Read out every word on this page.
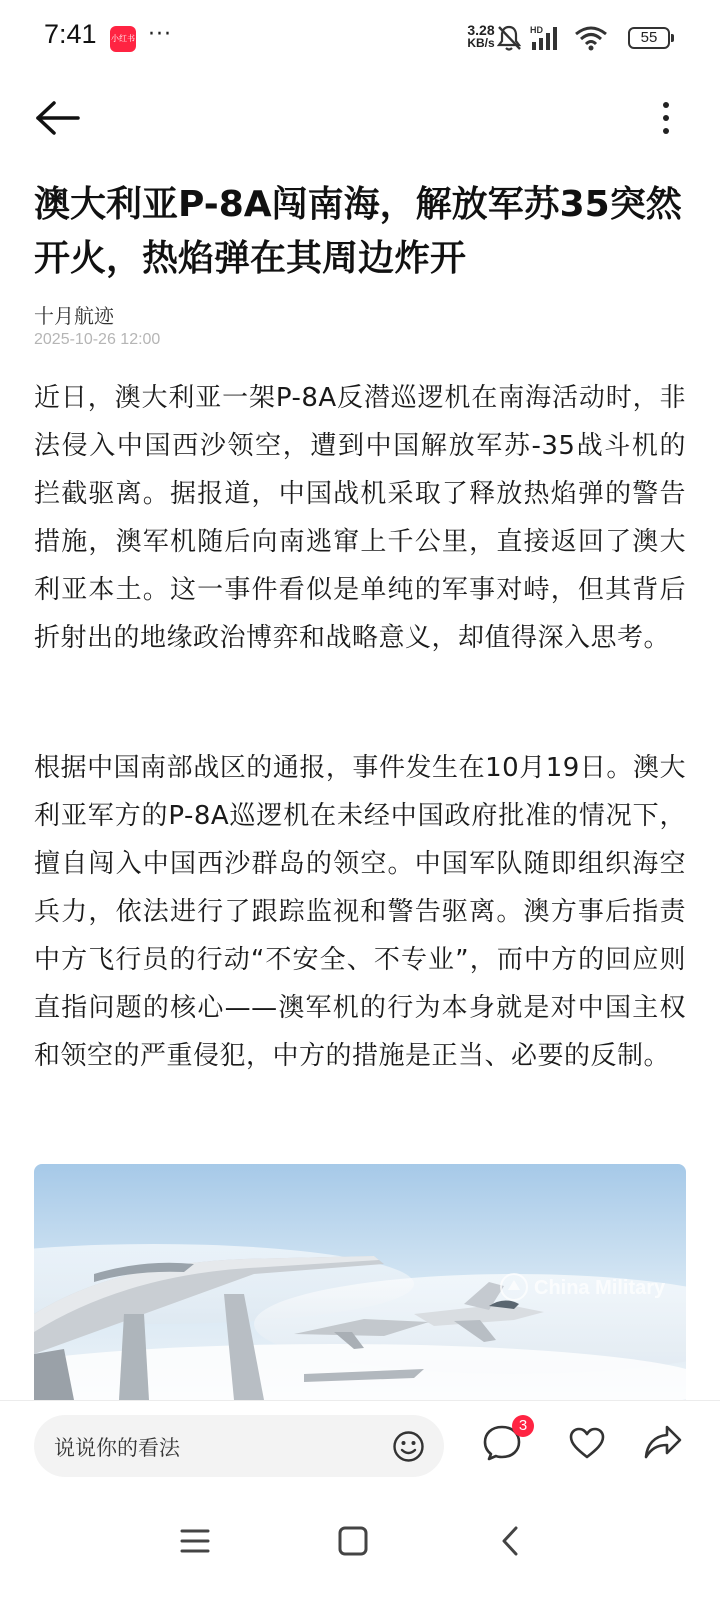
7:41 小红书 ···	3.28
KB/s
HD	55
澳大利亚P-8A闯南海，解放军苏35突然开火，热焰弹在其周边炸开
十月航迹
2025-10-26 12:00

近日，澳大利亚一架P-8A反潜巡逻机在南海活动时，非法侵入中国西沙领空，遭到中国解放军苏-35战斗机的拦截驱离。据报道，中国战机采取了释放热焰弹的警告措施，澳军机随后向南逃窜上千公里，直接返回了澳大利亚本土。这一事件看似是单纯的军事对峙，但其背后折射出的地缘政治博弈和战略意义，却值得深入思考。

根据中国南部战区的通报，事件发生在10月19日。澳大利亚军方的P-8A巡逻机在未经中国政府批准的情况下，擅自闯入中国西沙群岛的领空。中国军队随即组织海空兵力，依法进行了跟踪监视和警告驱离。澳方事后指责中方飞行员的行动“不安全、不专业”，而中方的回应则直指问题的核心——澳军机的行为本身就是对中国主权和领空的严重侵犯，中方的措施是正当、必要的反制。

China Military
说说你的看法
3
